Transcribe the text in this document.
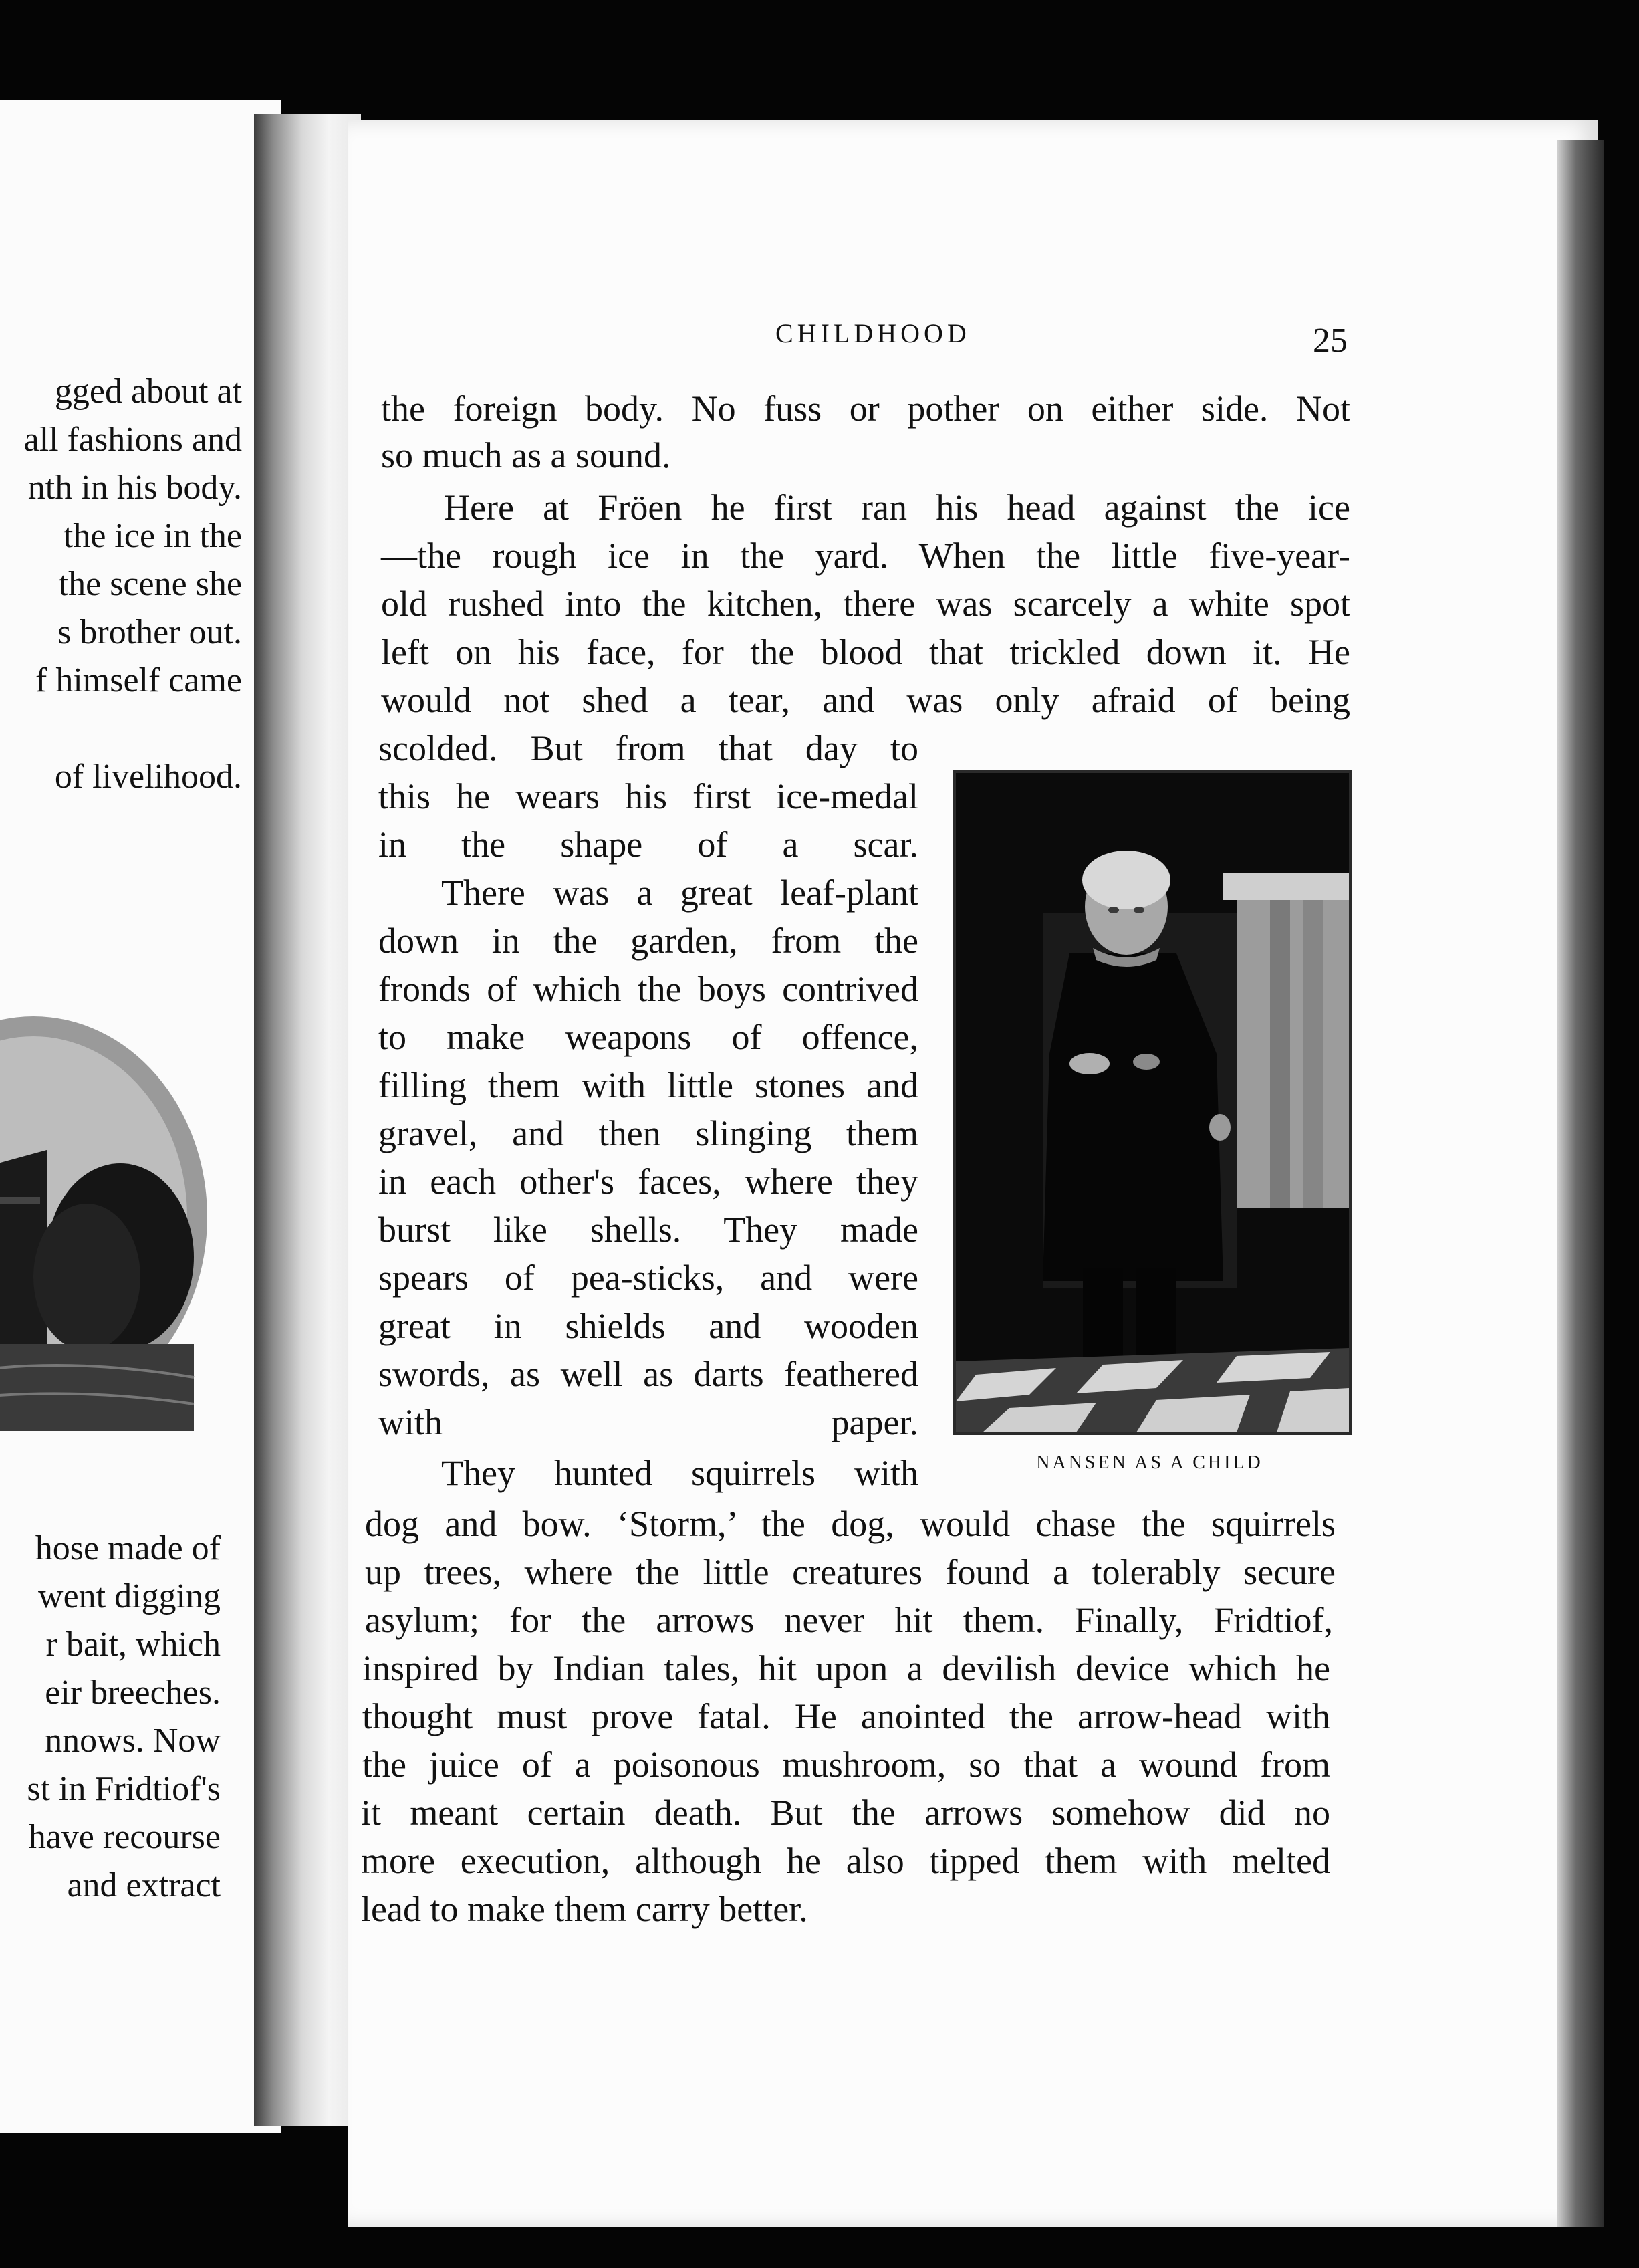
gged about at
all fashions and
nth in his body.
the ice in the
the scene she
s brother out.
f himself came
of livelihood.
hose made of
went digging
r bait, which
eir breeches.
nnows. Now
st in Fridtiof's
have recourse
and extract
CHILDHOOD	25
the foreign body. No fuss or pother on either side. Not
so much as a sound.
Here at Fröen he first ran his head against the ice
—the rough ice in the yard. When the little five-year-
old rushed into the kitchen, there was scarcely a white spot
left on his face, for the blood that trickled down it. He
would not shed a tear, and was only afraid of being
scolded. But from that day to
this he wears his first ice-medal
in the shape of a scar.
There was a great leaf-plant
down in the garden, from the
fronds of which the boys contrived
to make weapons of offence,
filling them with little stones and
gravel, and then slinging them
in each other's faces, where they
burst like shells. They made
spears of pea-sticks, and were
great in shields and wooden
swords, as well as darts feathered
with paper.
They hunted squirrels with
dog and bow. ‘Storm,’ the dog, would chase the squirrels
up trees, where the little creatures found a tolerably secure
asylum; for the arrows never hit them. Finally, Fridtiof,
inspired by Indian tales, hit upon a devilish device which he
thought must prove fatal. He anointed the arrow-head with
the juice of a poisonous mushroom, so that a wound from
it meant certain death. But the arrows somehow did no
more execution, although he also tipped them with melted
lead to make them carry better.
NANSEN AS A CHILD
